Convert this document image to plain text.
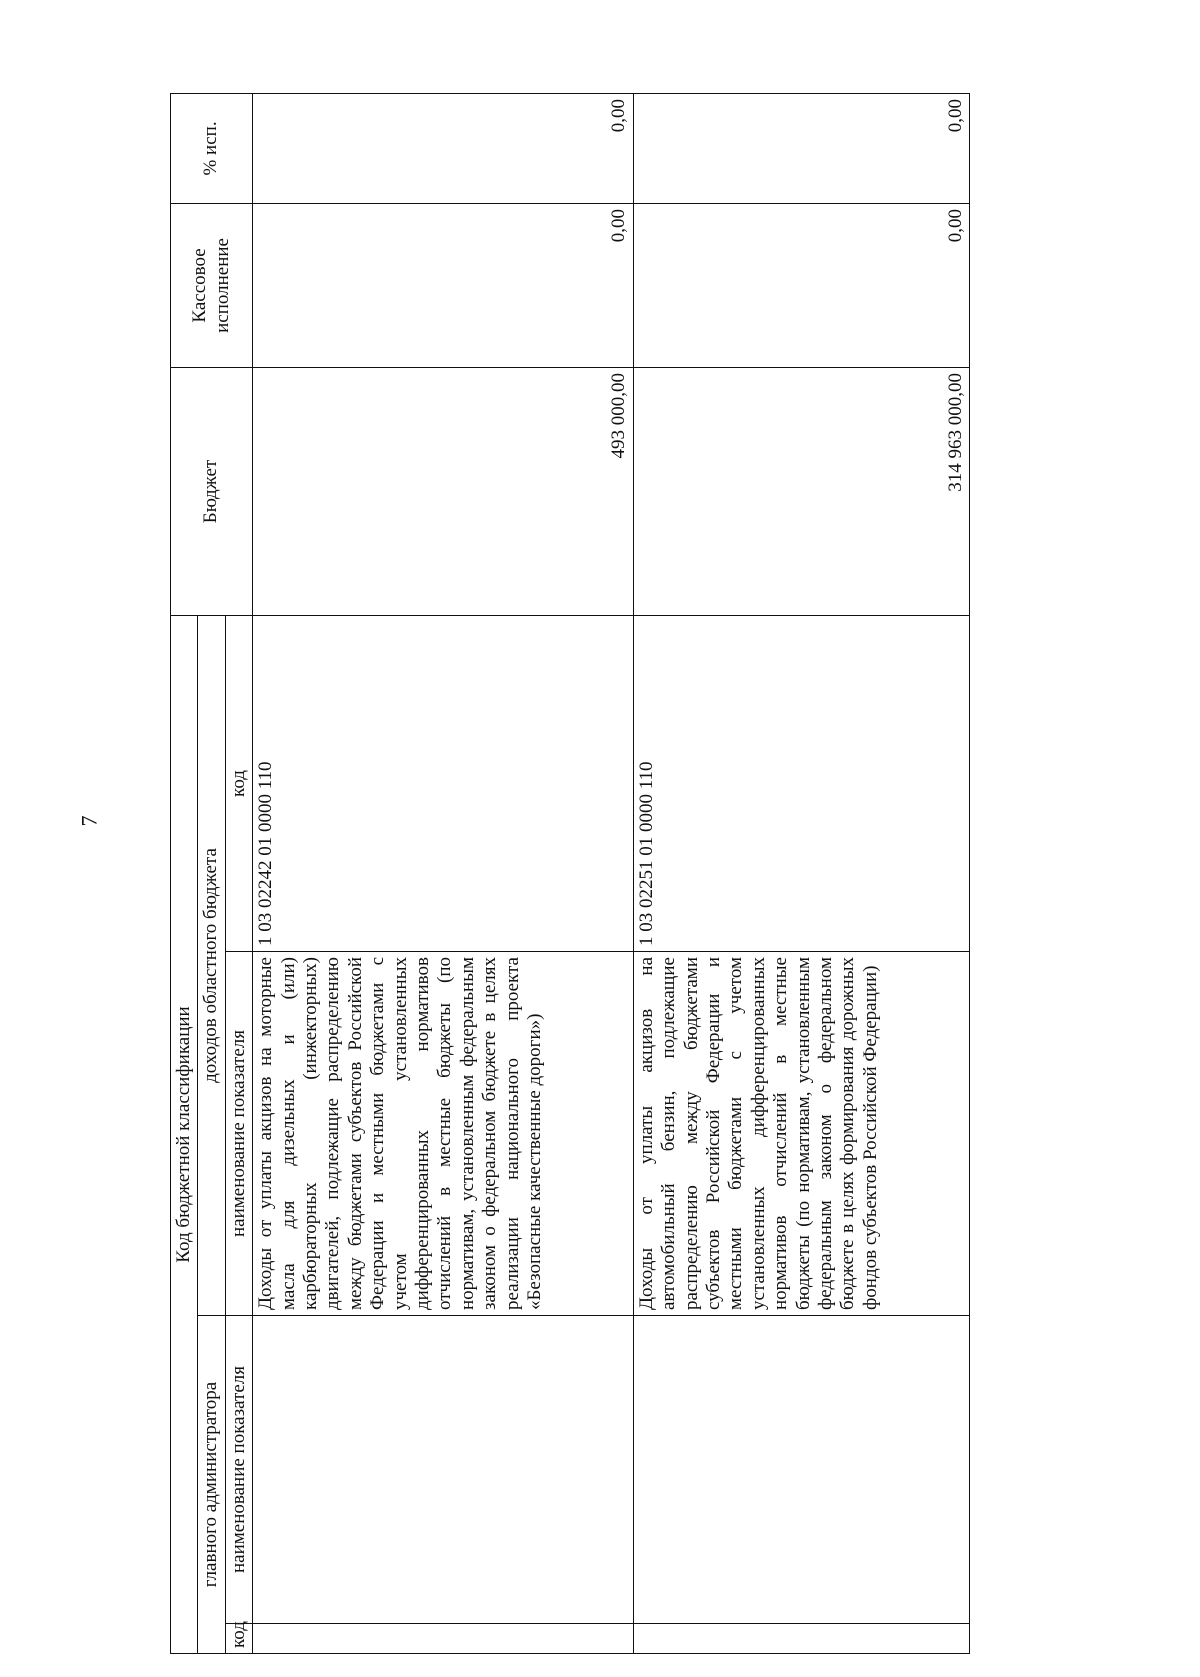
7
Код бюджетной классификации				Бюджет	Кассовое исполнение	% исп.
главного администратора		доходов областного бюджета				
код	наименование показателя	наименование показателя	код			
		Доходы от уплаты акцизов на моторные масла для дизельных и (или) карбюраторных (инжекторных) двигателей, подлежащие распределению между бюджетами субъектов Российской Федерации и местными бюджетами с учетом установленных дифференцированных нормативов отчислений в местные бюджеты (по нормативам, установленным федеральным законом о федеральном бюджете в целях реализации национального проекта «Безопасные качественные дороги»)	1 03 02242 01 0000 110	493 000,00	0,00	0,00
		Доходы от уплаты акцизов на автомобильный бензин, подлежащие распределению между бюджетами субъектов Российской Федерации и местными бюджетами с учетом установленных дифференцированных нормативов отчислений в местные бюджеты (по нормативам, установленным федеральным законом о федеральном бюджете в целях формирования дорожных фондов субъектов Российской Федерации)	1 03 02251 01 0000 110	314 963 000,00	0,00	0,00
